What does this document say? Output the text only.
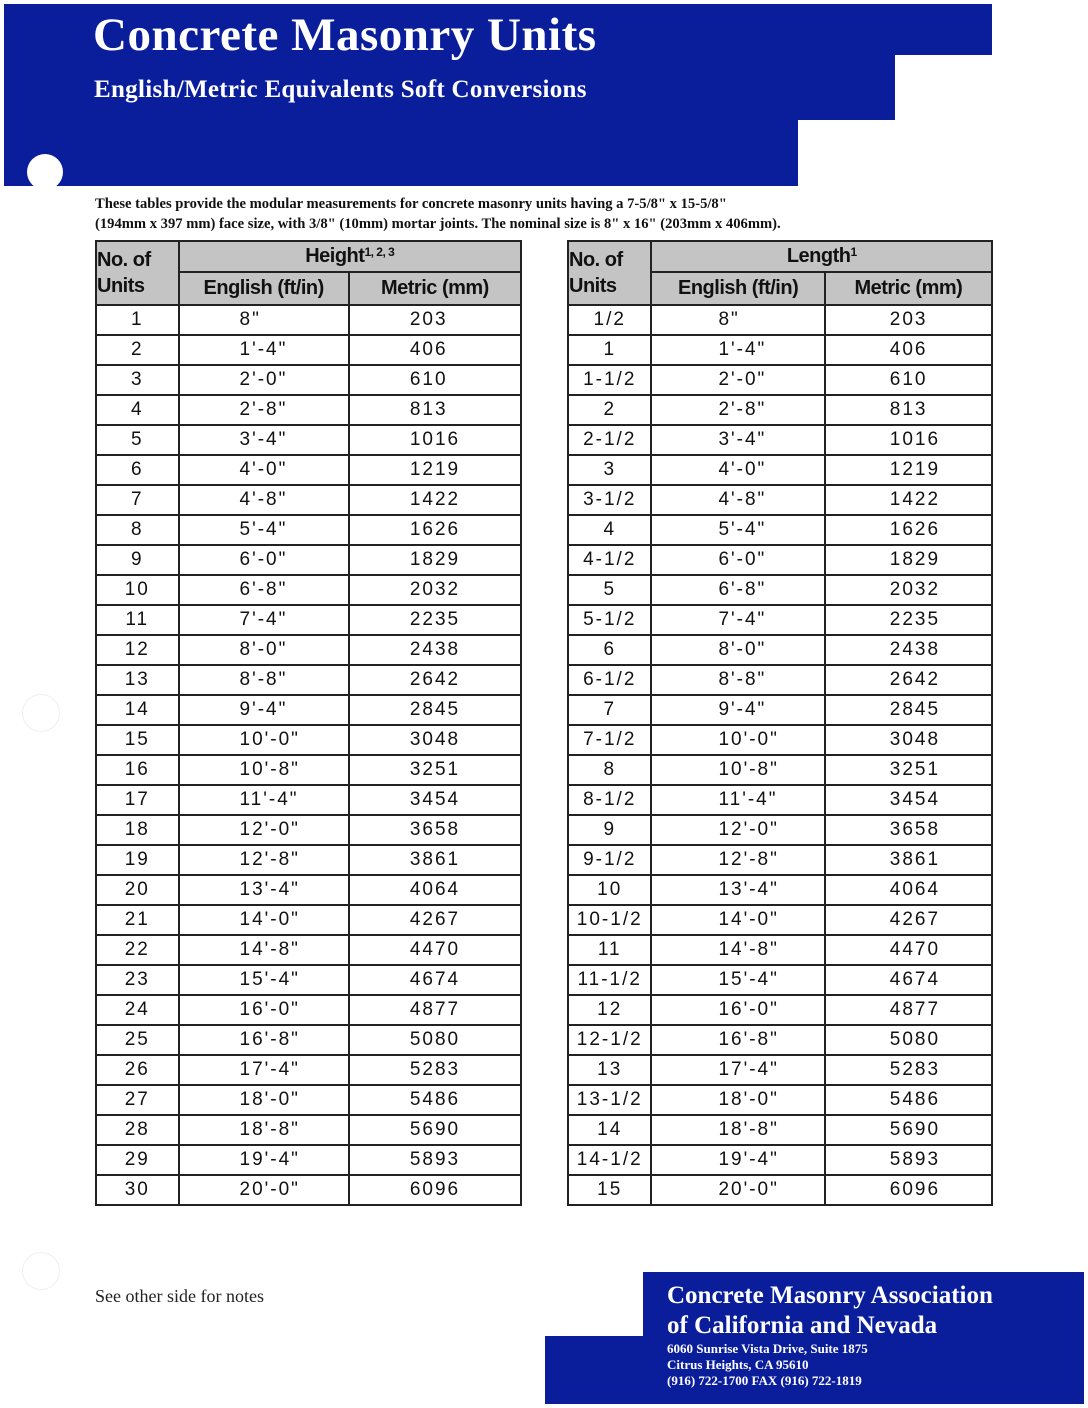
Concrete Masonry Units
English/Metric Equivalents Soft Conversions

These tables provide the modular measurements for concrete masonry units having a 7-5/8" x 15-5/8"
(194mm x 397 mm) face size, with 3/8" (10mm) mortar joints. The nominal size is 8" x 16" (203mm x 406mm).

No. of
Units	Height$^{1, 2, 3}$
	English (ft/in)	Metric (mm)
1	8"	203
2	1'-4"	406
3	2'-0"	610
4	2'-8"	813
5	3'-4"	1016
6	4'-0"	1219
7	4'-8"	1422
8	5'-4"	1626
9	6'-0"	1829
10	6'-8"	2032
11	7'-4"	2235
12	8'-0"	2438
13	8'-8"	2642
14	9'-4"	2845
15	10'-0"	3048
16	10'-8"	3251
17	11'-4"	3454
18	12'-0"	3658
19	12'-8"	3861
20	13'-4"	4064
21	14'-0"	4267
22	14'-8"	4470
23	15'-4"	4674
24	16'-0"	4877
25	16'-8"	5080
26	17'-4"	5283
27	18'-0"	5486
28	18'-8"	5690
29	19'-4"	5893
30	20'-0"	6096
No. of
Units	Length$^1$
	English (ft/in)	Metric (mm)
1/2	8"	203
1	1'-4"	406
1-1/2	2'-0"	610
2	2'-8"	813
2-1/2	3'-4"	1016
3	4'-0"	1219
3-1/2	4'-8"	1422
4	5'-4"	1626
4-1/2	6'-0"	1829
5	6'-8"	2032
5-1/2	7'-4"	2235
6	8'-0"	2438
6-1/2	8'-8"	2642
7	9'-4"	2845
7-1/2	10'-0"	3048
8	10'-8"	3251
8-1/2	11'-4"	3454
9	12'-0"	3658
9-1/2	12'-8"	3861
10	13'-4"	4064
10-1/2	14'-0"	4267
11	14'-8"	4470
11-1/2	15'-4"	4674
12	16'-0"	4877
12-1/2	16'-8"	5080
13	17'-4"	5283
13-1/2	18'-0"	5486
14	18'-8"	5690
14-1/2	19'-4"	5893
15	20'-0"	6096

See other side for notes	Concrete Masonry Association
of California and Nevada

6060 Sunrise Vista Drive, Suite 1875
Citrus Heights, CA 95610
(916) 722-1700 FAX (916) 722-1819
